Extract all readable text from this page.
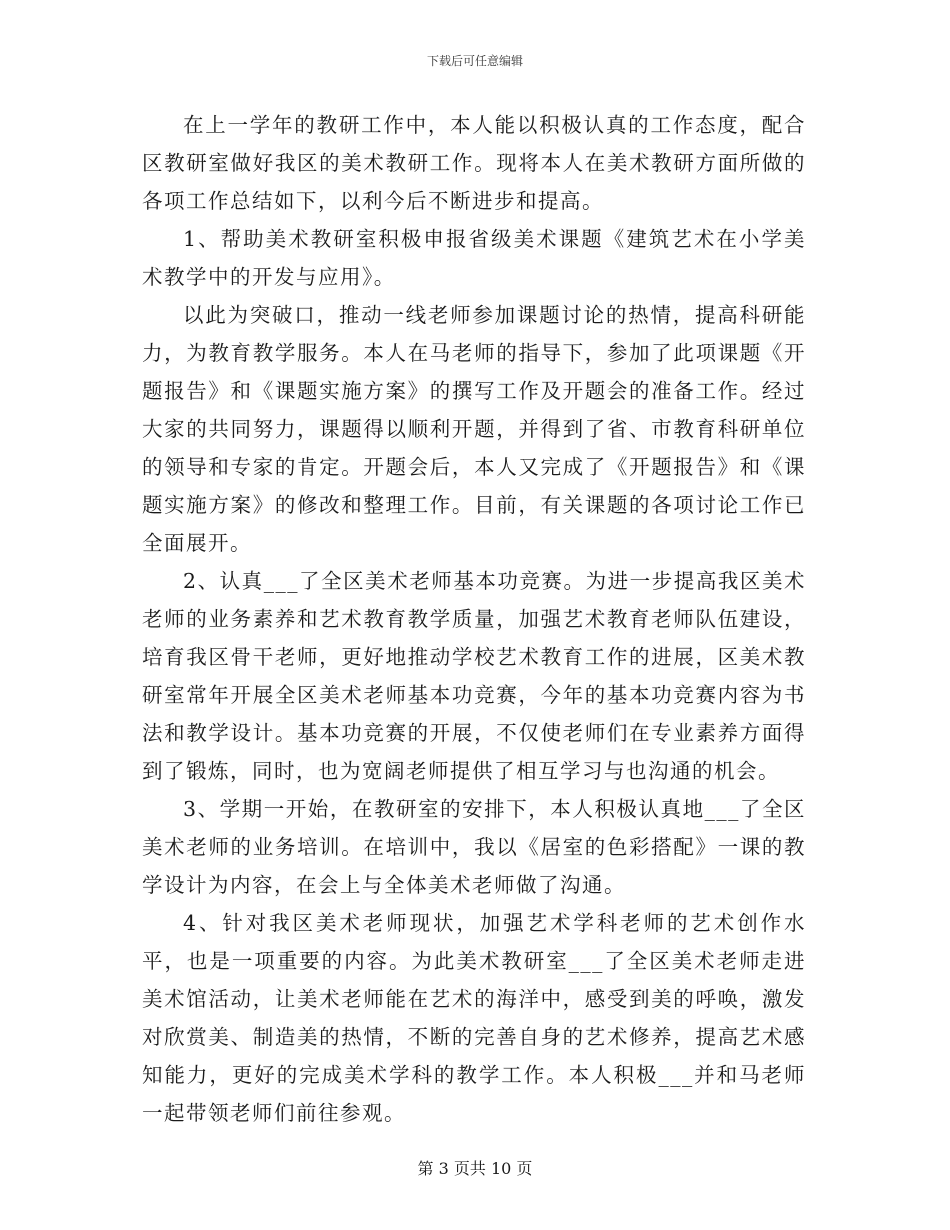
下载后可任意编辑

在上一学年的教研工作中，本人能以积极认真的工作态度，配合区教研室做好我区的美术教研工作。现将本人在美术教研方面所做的各项工作总结如下，以利今后不断进步和提高。

1、帮助美术教研室积极申报省级美术课题《建筑艺术在小学美术教学中的开发与应用》。

以此为突破口，推动一线老师参加课题讨论的热情，提高科研能力，为教育教学服务。本人在马老师的指导下，参加了此项课题《开题报告》和《课题实施方案》的撰写工作及开题会的准备工作。经过大家的共同努力，课题得以顺利开题，并得到了省、市教育科研单位的领导和专家的肯定。开题会后，本人又完成了《开题报告》和《课题实施方案》的修改和整理工作。目前，有关课题的各项讨论工作已全面展开。

2、认真___了全区美术老师基本功竞赛。为进一步提高我区美术老师的业务素养和艺术教育教学质量，加强艺术教育老师队伍建设，培育我区骨干老师，更好地推动学校艺术教育工作的进展，区美术教研室常年开展全区美术老师基本功竞赛，今年的基本功竞赛内容为书法和教学设计。基本功竞赛的开展，不仅使老师们在专业素养方面得到了锻炼，同时，也为宽阔老师提供了相互学习与也沟通的机会。

3、学期一开始，在教研室的安排下，本人积极认真地___了全区美术老师的业务培训。在培训中，我以《居室的色彩搭配》一课的教学设计为内容，在会上与全体美术老师做了沟通。

4、针对我区美术老师现状，加强艺术学科老师的艺术创作水平，也是一项重要的内容。为此美术教研室___了全区美术老师走进美术馆活动，让美术老师能在艺术的海洋中，感受到美的呼唤，激发对欣赏美、制造美的热情，不断的完善自身的艺术修养，提高艺术感知能力，更好的完成美术学科的教学工作。本人积极___并和马老师一起带领老师们前往参观。

第 3 页共 10 页
